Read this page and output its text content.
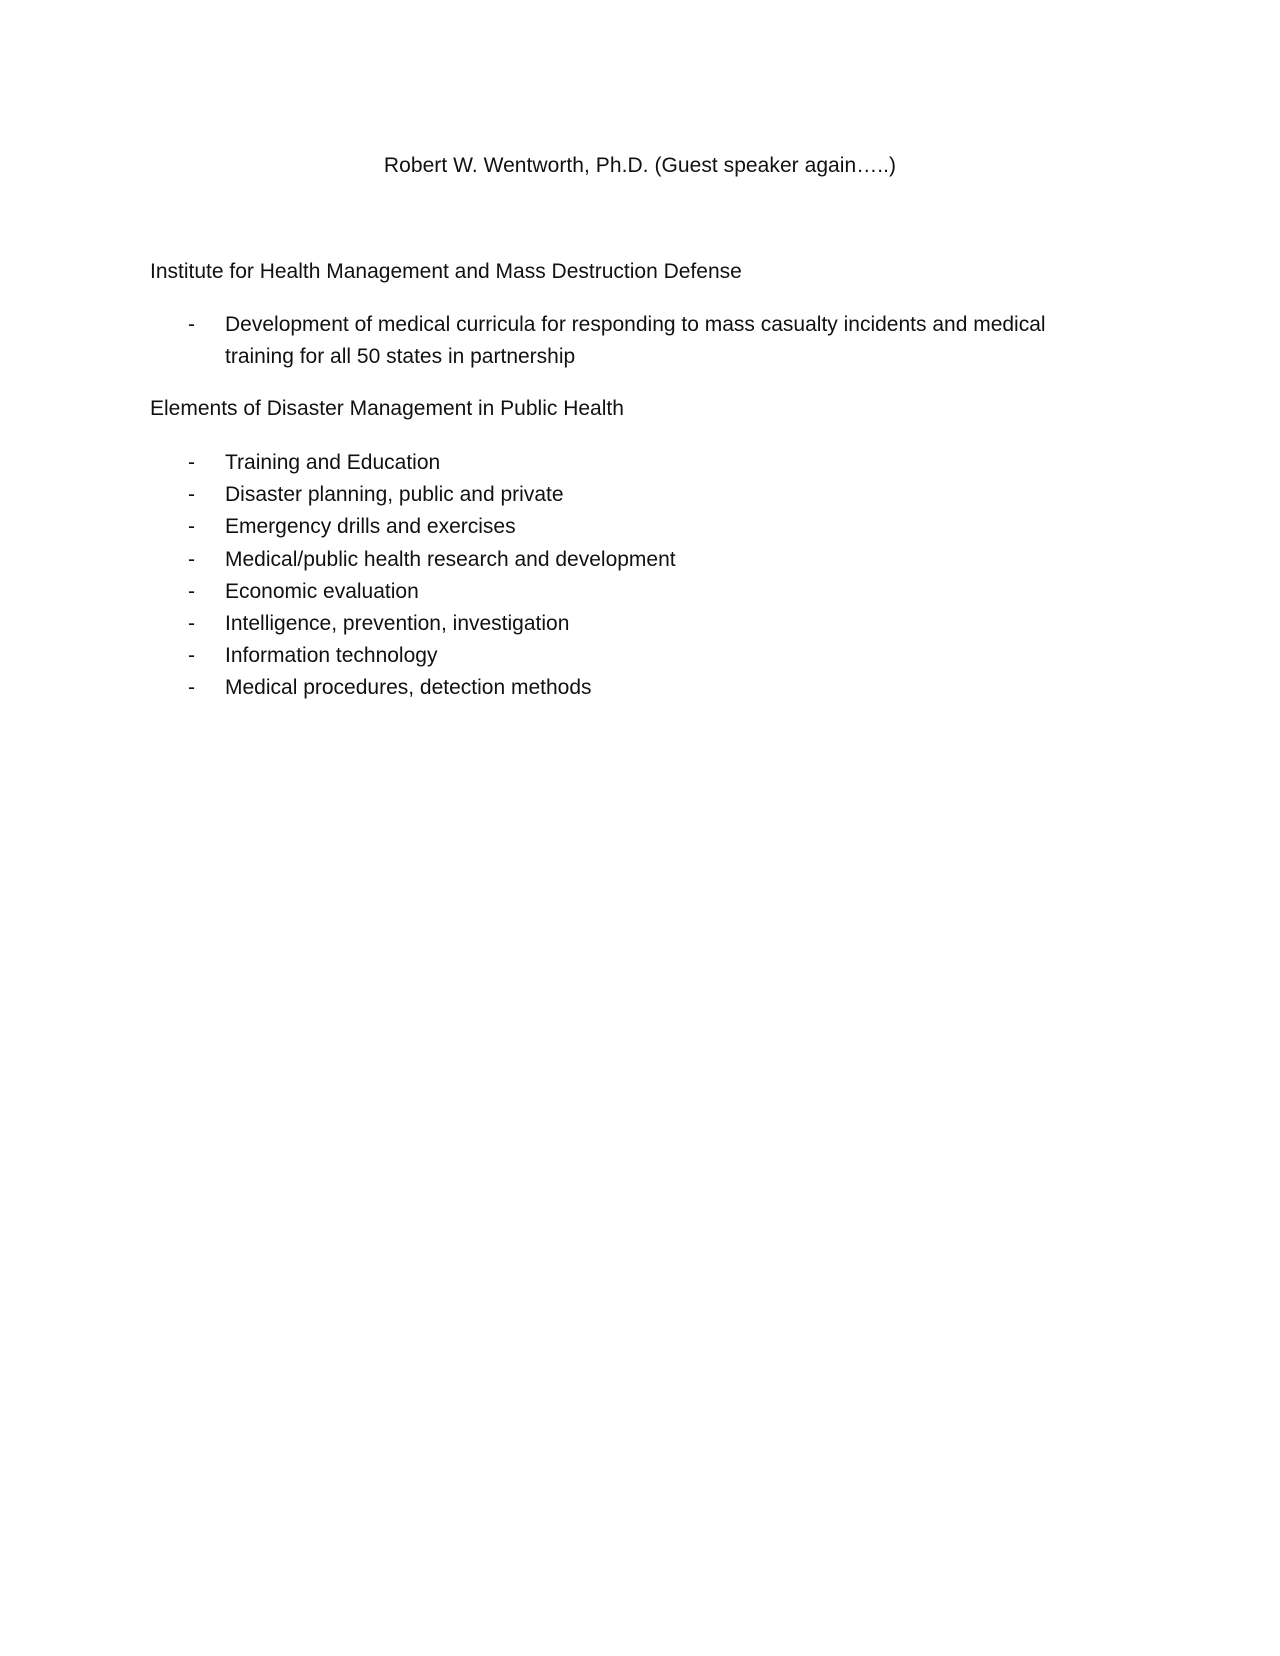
Robert W. Wentworth, Ph.D. (Guest speaker again…..)
Institute for Health Management and Mass Destruction Defense
- Development of medical curricula for responding to mass casualty incidents and medical training for all 50 states in partnership
Elements of Disaster Management in Public Health
- Training and Education
- Disaster planning, public and private
- Emergency drills and exercises
- Medical/public health research and development
- Economic evaluation
- Intelligence, prevention, investigation
- Information technology
- Medical procedures, detection methods
